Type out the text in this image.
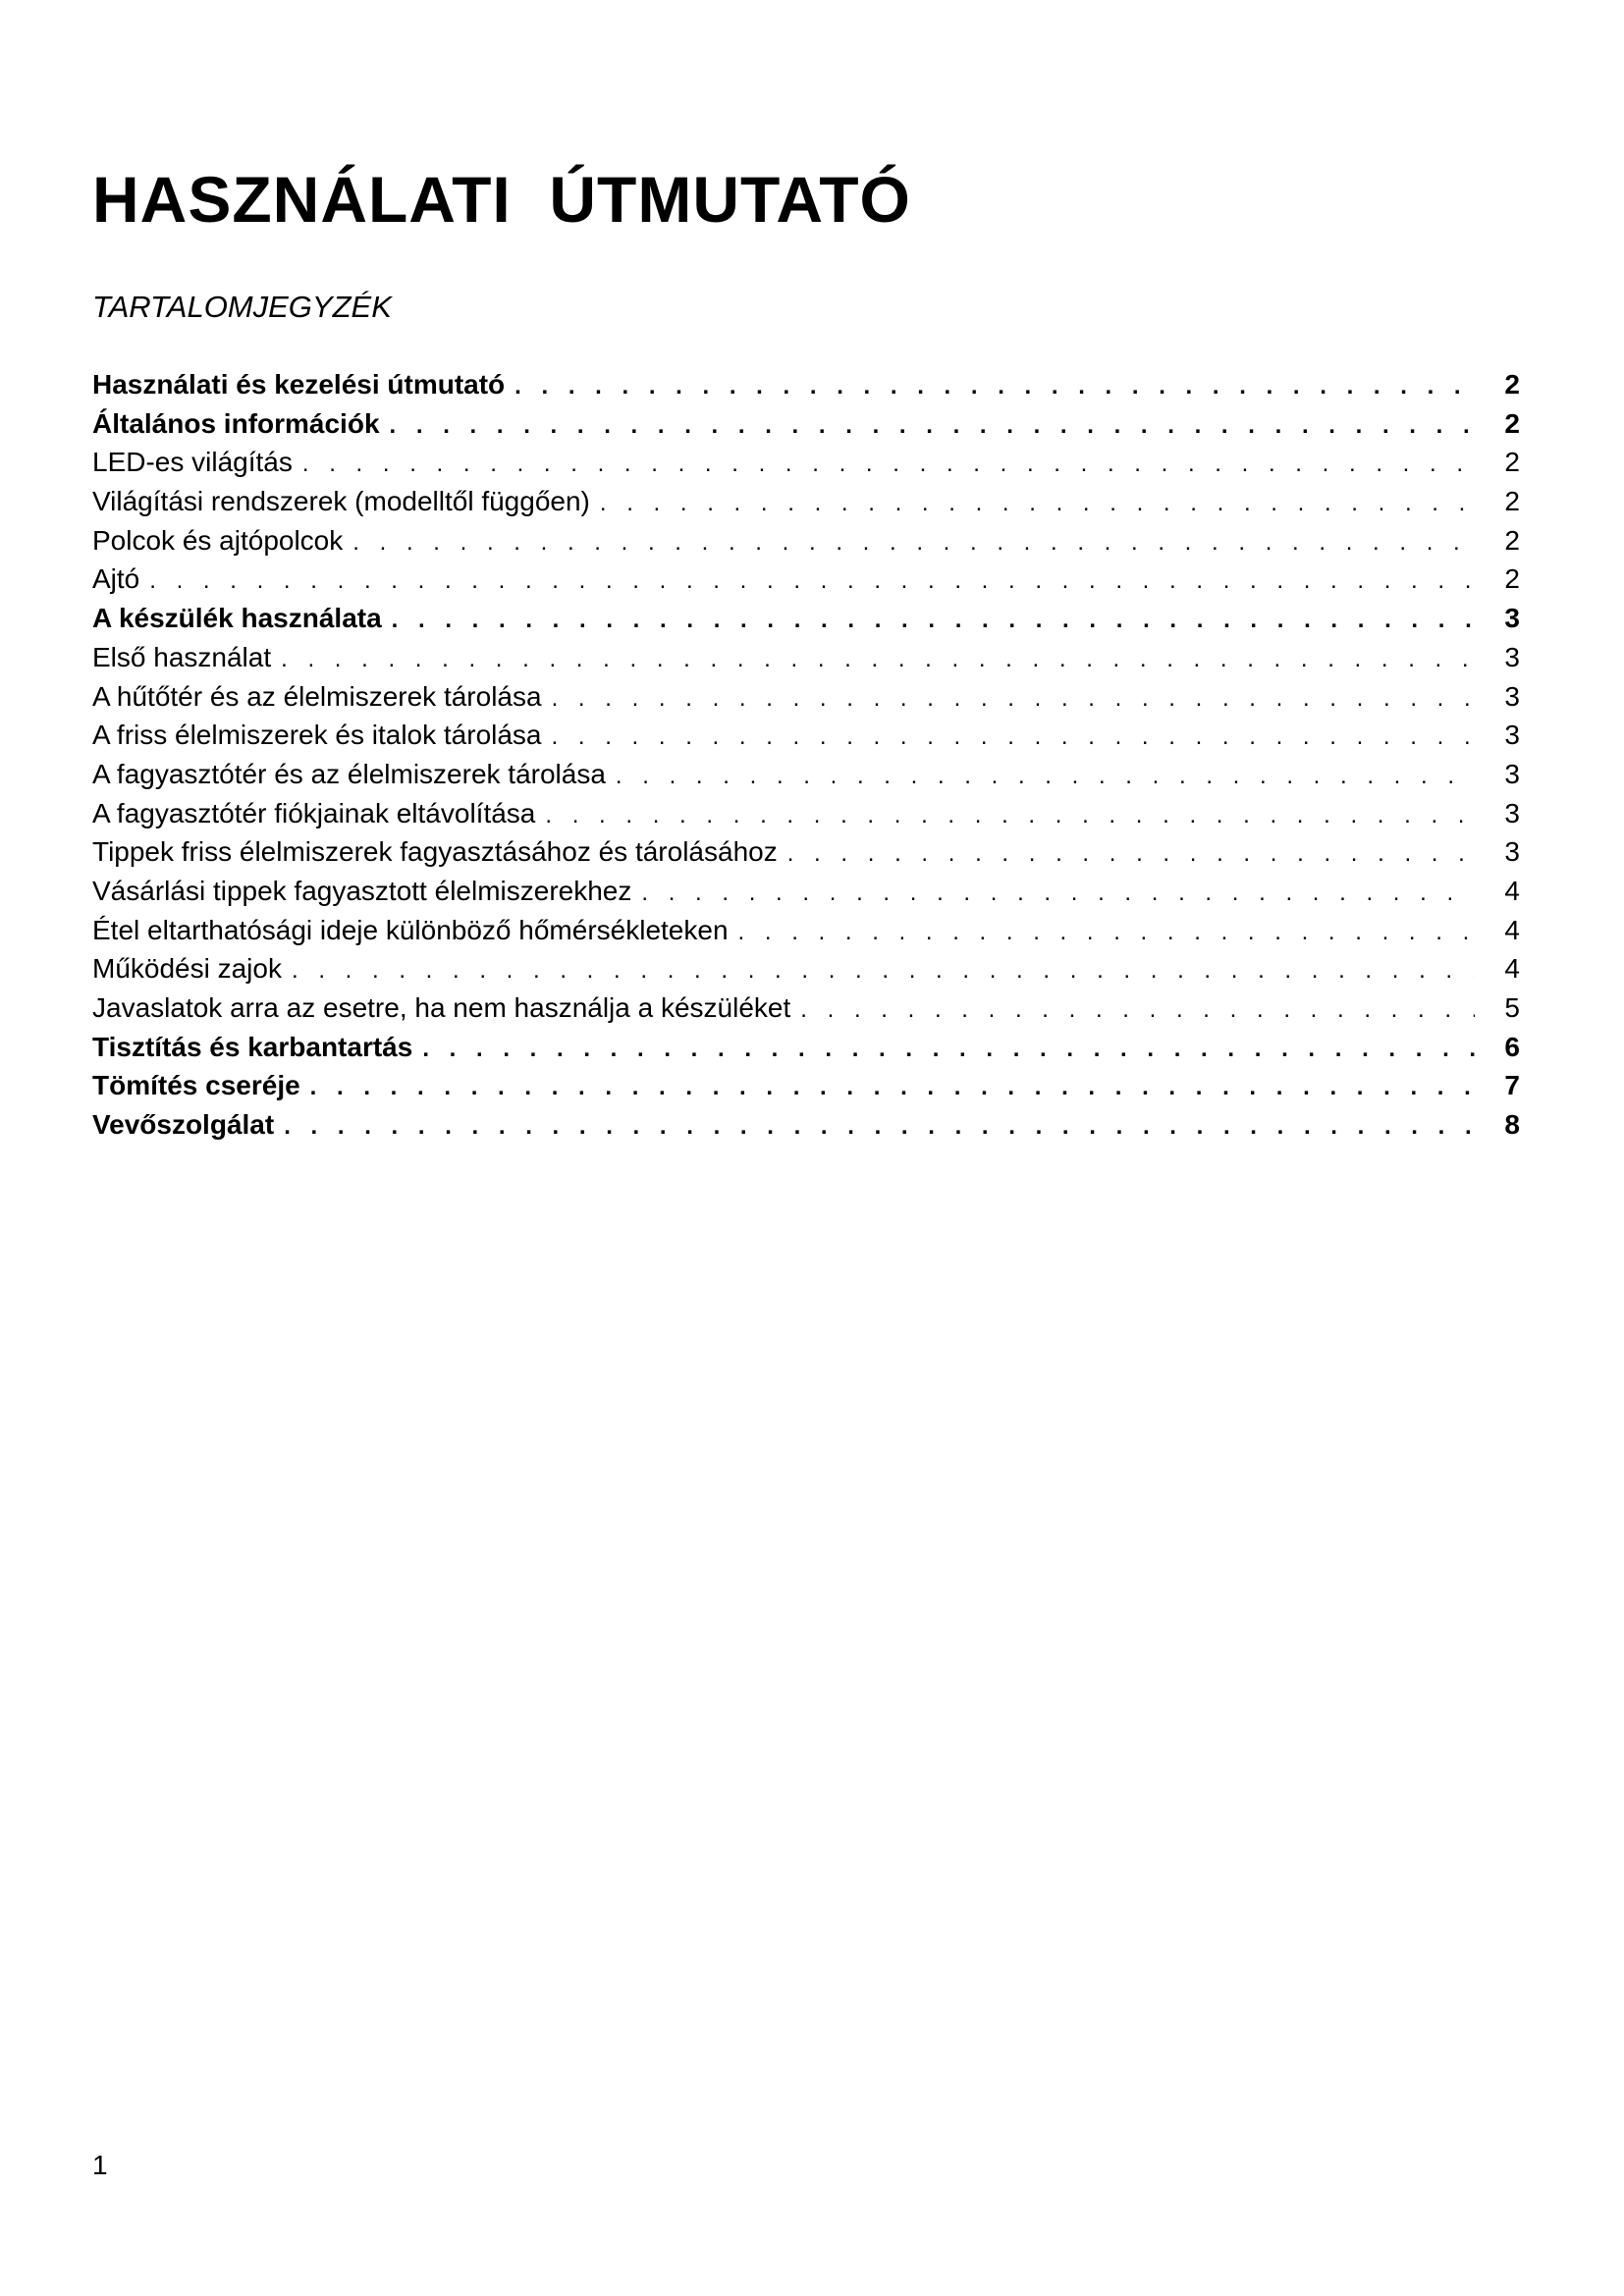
HASZNÁLATI  ÚTMUTATÓ
TARTALOMJEGYZÉK
Használati és kezelési útmutató . . .	2
Általános információk . . .	2
LED-es világítás . . .	2
Világítási rendszerek (modelltől függően) . . .	2
Polcok és ajtópolcok . . .	2
Ajtó . . .	2
A készülék használata . . .	3
Első használat . . .	3
A hűtőtér és az élelmiszerek tárolása . . .	3
A friss élelmiszerek és italok tárolása . . .	3
A fagyasztótér és az élelmiszerek tárolása . . .	3
A fagyasztótér fiókjainak eltávolítása . . .	3
Tippek friss élelmiszerek fagyasztásához és tárolásához . . .	3
Vásárlási tippek fagyasztott élelmiszerekhez . . .	4
Étel eltarthatósági ideje különböző hőmérsékleteken . . .	4
Működési zajok . . .	4
Javaslatok arra az esetre, ha nem használja a készüléket . . .	5
Tisztítás és karbantartás . . .	6
Tömítés cseréje . . .	7
Vevőszolgálat . . .	8
1
